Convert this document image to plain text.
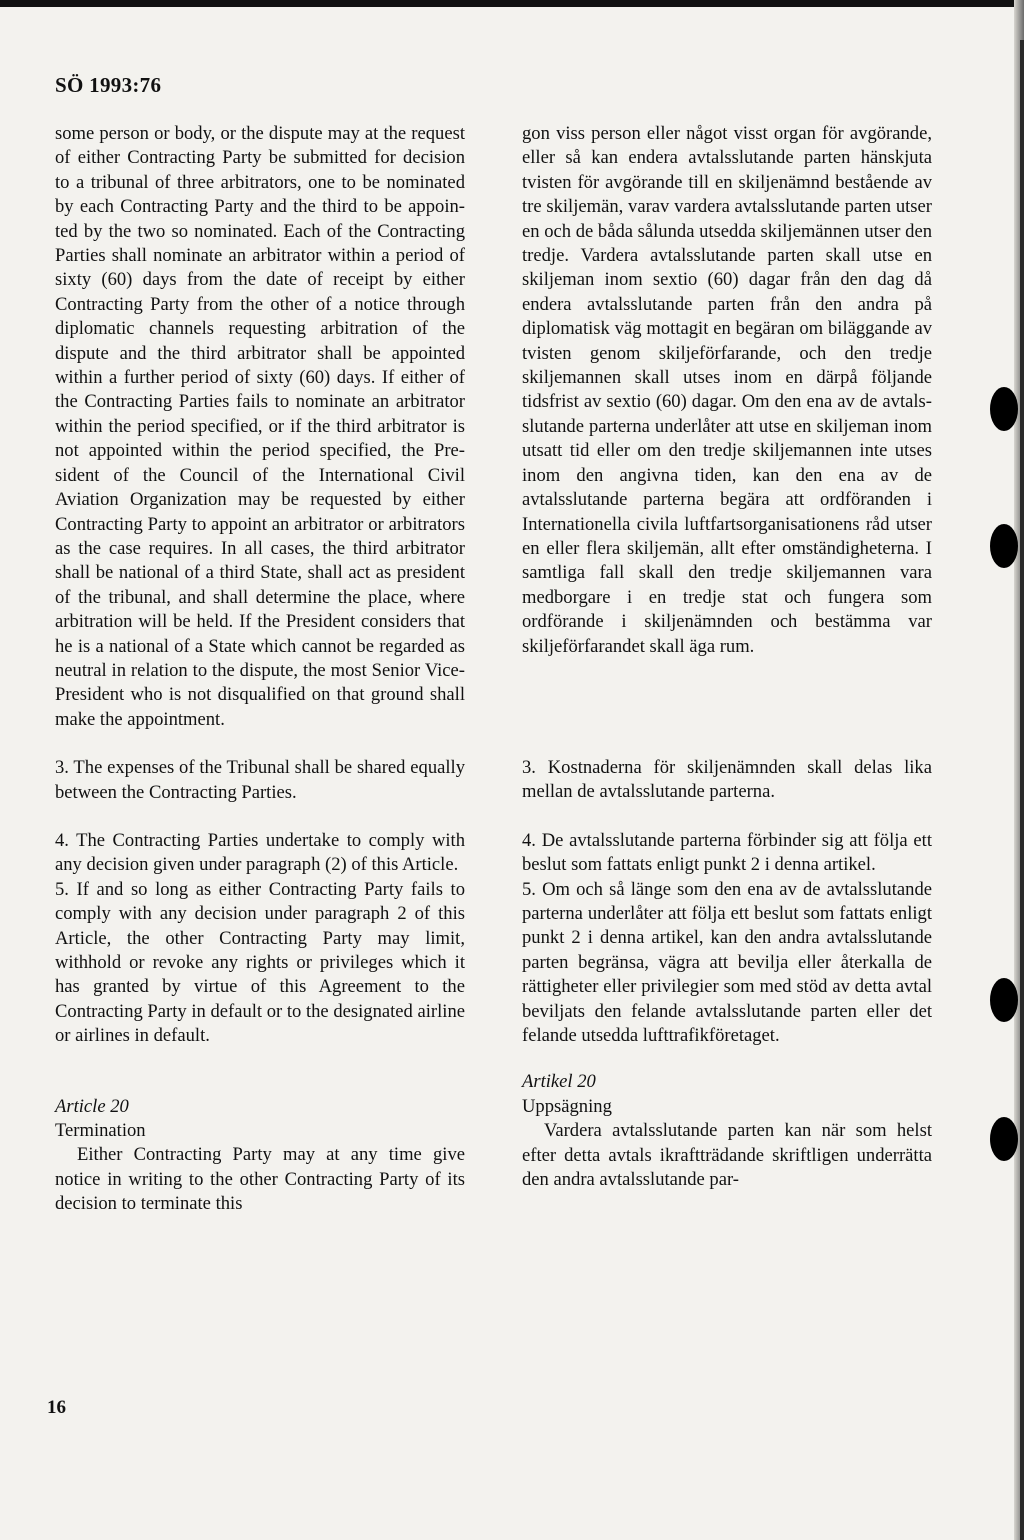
SÖ 1993:76

some person or body, or the dispute may at the request of either Contracting Party be submitted for decision to a tribunal of three arbitrators, one to be nominated by each Contracting Party and the third to be appointed by the two so nominated. Each of the Contracting Parties shall nominate an arbitrator within a period of sixty (60) days from the date of receipt by either Contracting Party from the other of a notice through diplomatic channels requesting arbitration of the dispute and the third arbitrator shall be appointed within a further period of sixty (60) days. If either of the Contracting Parties fails to nominate an arbitrator within the period specified, or if the third arbitrator is not appointed within the period specified, the President of the Council of the International Civil Aviation Organization may be requested by either Contracting Party to appoint an arbitrator or arbitrators as the case requires. In all cases, the third arbitrator shall be national of a third State, shall act as president of the tribunal, and shall determine the place, where arbitration will be held. If the President considers that he is a national of a State which cannot be regarded as neutral in relation to the dispute, the most Senior Vice-President who is not disqualified on that ground shall make the appointment.

3. The expenses of the Tribunal shall be shared equally between the Contracting Parties.

4. The Contracting Parties undertake to comply with any decision given under paragraph (2) of this Article.

5. If and so long as either Contracting Party fails to comply with any decision under paragraph 2 of this Article, the other Contracting Party may limit, withhold or revoke any rights or privileges which it has granted by virtue of this Agreement to the Contracting Party in default or to the designated airline or airlines in default.

Article 20

Termination

Either Contracting Party may at any time give notice in writing to the other Contracting Party of its decision to terminate this

gon viss person eller något visst organ för avgörande, eller så kan endera avtalsslutande parten hänskjuta tvisten för avgörande till en skiljenämnd bestående av tre skiljemän, varav vardera avtalsslutande parten utser en och de båda sålunda utsedda skiljemännen utser den tredje. Vardera avtalsslutande parten skall utse en skiljeman inom sextio (60) dagar från den dag då endera avtalsslutande parten från den andra på diplomatisk väg mottagit en begäran om biläggande av tvisten genom skiljeförfarande, och den tredje skiljemannen skall utses inom en därpå följande tidsfrist av sextio (60) dagar. Om den ena av de avtalsslutande parterna underlåter att utse en skiljeman inom utsatt tid eller om den tredje skiljemannen inte utses inom den angivna tiden, kan den ena av de avtalsslutande parterna begära att ordföranden i Internationella civila luftfartsorganisationens råd utser en eller flera skiljemän, allt efter omständigheterna. I samtliga fall skall den tredje skiljemannen vara medborgare i en tredje stat och fungera som ordförande i skiljenämnden och bestämma var skiljeförfarandet skall äga rum.

3. Kostnaderna för skiljenämnden skall delas lika mellan de avtalsslutande parterna.

4. De avtalsslutande parterna förbinder sig att följa ett beslut som fattats enligt punkt 2 i denna artikel.

5. Om och så länge som den ena av de avtalsslutande parterna underlåter att följa ett beslut som fattats enligt punkt 2 i denna artikel, kan den andra avtalsslutande parten begränsa, vägra att bevilja eller återkalla de rättigheter eller privilegier som med stöd av detta avtal beviljats den felande avtalsslutande parten eller det felande utsedda lufttrafikföretaget.

Artikel 20

Uppsägning

Vardera avtalsslutande parten kan när som helst efter detta avtals ikraftträdande skriftligen underrätta den andra avtalsslutande par-

16
